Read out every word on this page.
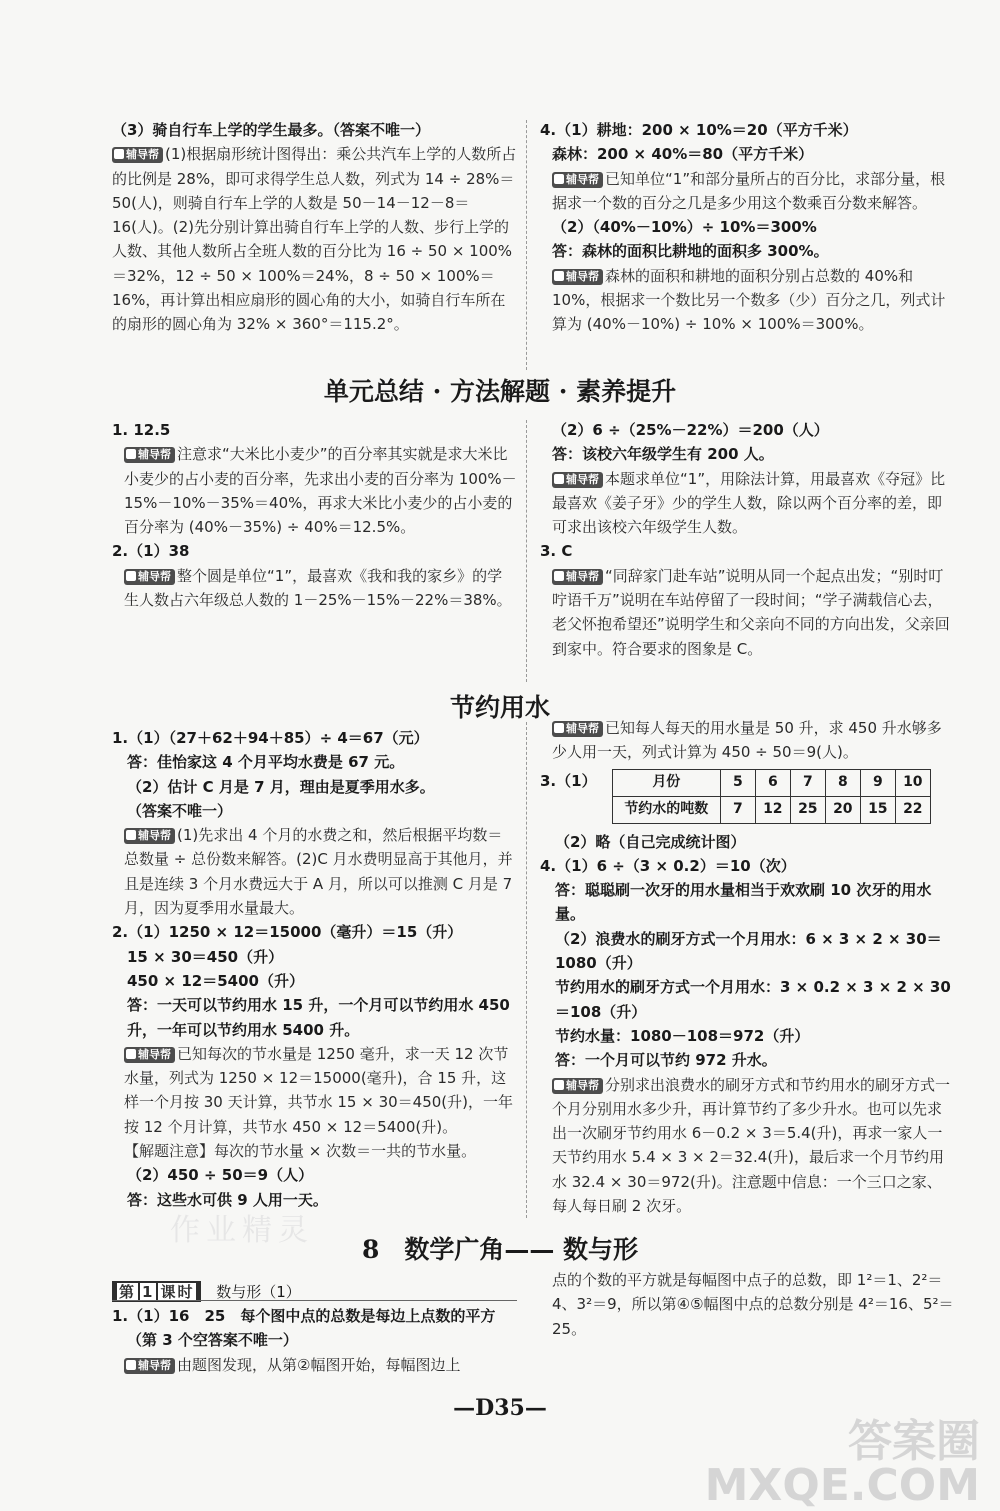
（3）骑自行车上学的学生最多。（答案不唯一）
辅导帮 (1)根据扇形统计图得出：乘公共汽车上学的人数所占的比例是 28%，即可求得学生总人数，列式为 14 ÷ 28%＝50(人)，则骑自行车上学的人数是 50－14－12－8＝16(人)。(2)先分别计算出骑自行车上学的人数、步行上学的人数、其他人数所占全班人数的百分比为 16 ÷ 50 × 100%＝32%，12 ÷ 50 × 100%＝24%，8 ÷ 50 × 100%＝16%，再计算出相应扇形的圆心角的大小，如骑自行车所在的扇形的圆心角为 32% × 360°＝115.2°。
4.（1）耕地：200 × 10%＝20（平方千米）
森林：200 × 40%＝80（平方千米）
辅导帮 已知单位“1”和部分量所占的百分比，求部分量，根据求一个数的百分之几是多少用这个数乘百分数来解答。
（2）（40%－10%）÷ 10%＝300%
答：森林的面积比耕地的面积多 300%。
辅导帮 森林的面积和耕地的面积分别占总数的 40%和 10%，根据求一个数比另一个数多（少）百分之几，列式计算为 (40%－10%) ÷ 10% × 100%＝300%。
单元总结 · 方法解题 · 素养提升
1. 12.5
辅导帮 注意求“大米比小麦少”的百分率其实就是求大米比小麦少的占小麦的百分率，先求出小麦的百分率为 100%－15%－10%－35%＝40%，再求大米比小麦少的占小麦的百分率为 (40%－35%) ÷ 40%＝12.5%。
2.（1）38
辅导帮 整个圆是单位“1”，最喜欢《我和我的家乡》的学生人数占六年级总人数的 1－25%－15%－22%＝38%。
（2）6 ÷（25%－22%）＝200（人）
答：该校六年级学生有 200 人。
辅导帮 本题求单位“1”，用除法计算，用最喜欢《夺冠》比最喜欢《姜子牙》少的学生人数，除以两个百分率的差，即可求出该校六年级学生人数。
3. C
辅导帮 “同辞家门赴车站”说明从同一个起点出发；“别时叮咛语千万”说明在车站停留了一段时间；“学子满载信心去，老父怀抱希望还”说明学生和父亲向不同的方向出发，父亲回到家中。符合要求的图象是 C。
节约用水
1.（1）（27＋62＋94＋85）÷ 4＝67（元）
答：佳怡家这 4 个月平均水费是 67 元。
（2）估计 C 月是 7 月，理由是夏季用水多。
（答案不唯一）
辅导帮 (1)先求出 4 个月的水费之和，然后根据平均数＝总数量 ÷ 总份数来解答。(2)C 月水费明显高于其他月，并且是连续 3 个月水费远大于 A 月，所以可以推测 C 月是 7 月，因为夏季用水量最大。
2.（1）1250 × 12＝15000（毫升）＝15（升）
15 × 30＝450（升）
450 × 12＝5400（升）
答：一天可以节约用水 15 升，一个月可以节约用水 450 升，一年可以节约用水 5400 升。
辅导帮 已知每次的节水量是 1250 毫升，求一天 12 次节水量，列式为 1250 × 12＝15000(毫升)，合 15 升，这样一个月按 30 天计算，共节水 15 × 30＝450(升)，一年按 12 个月计算，共节水 450 × 12＝5400(升)。
【解题注意】每次的节水量 × 次数＝一共的节水量。
（2）450 ÷ 50＝9（人）
答：这些水可供 9 人用一天。
辅导帮 已知每人每天的用水量是 50 升，求 450 升水够多少人用一天，列式计算为 450 ÷ 50＝9(人)。
3.（1）	月份	5	6	7	8	9	10
节约水的吨数	7	12	25	20	15	22
（2）略（自己完成统计图）
4.（1）6 ÷（3 × 0.2）＝10（次）
答：聪聪刷一次牙的用水量相当于欢欢刷 10 次牙的用水量。
（2）浪费水的刷牙方式一个月用水：6 × 3 × 2 × 30＝1080（升）
节约用水的刷牙方式一个月用水：3 × 0.2 × 3 × 2 × 30＝108（升）
节约水量：1080－108＝972（升）
答：一个月可以节约 972 升水。
辅导帮 分别求出浪费水的刷牙方式和节约用水的刷牙方式一个月分别用水多少升，再计算节约了多少升水。也可以先求出一次刷牙节约用水 6－0.2 × 3＝5.4(升)，再求一家人一天节约用水 5.4 × 3 × 2＝32.4(升)，最后求一个月节约用水 32.4 × 30＝972(升)。注意题中信息：一个三口之家、每人每日刷 2 次牙。
8　数学广角—— 数与形
第 1 课时 数与形（1）
1.（1）16　25　每个图中点的总数是每边上点数的平方
（第 3 个空答案不唯一）
辅导帮 由题图发现，从第②幅图开始，每幅图边上
点的个数的平方就是每幅图中点子的总数，即 1²＝1、2²＝4、3²＝9，所以第④⑤幅图中点的总数分别是 4²＝16、5²＝25。
—D35—
作业精灵
答案圈
MXQE.COM
